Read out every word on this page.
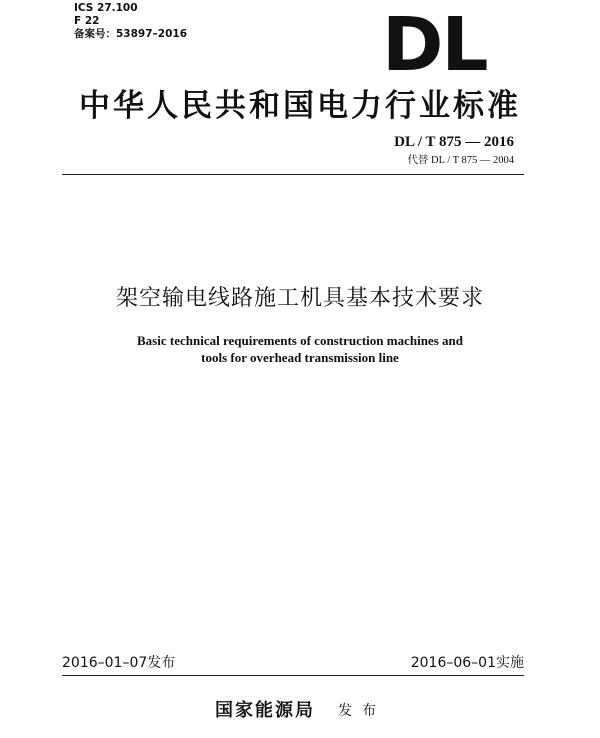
ICS 27.100
F 22
备案号：53897–2016	DL
中华人民共和国电力行业标准
DL / T 875 — 2016
代替 DL / T 875 — 2004
架空输电线路施工机具基本技术要求
Basic technical requirements of construction machines and
tools for overhead transmission line
2016–01–07发布	2016–06–01实施
国家能源局 发布
